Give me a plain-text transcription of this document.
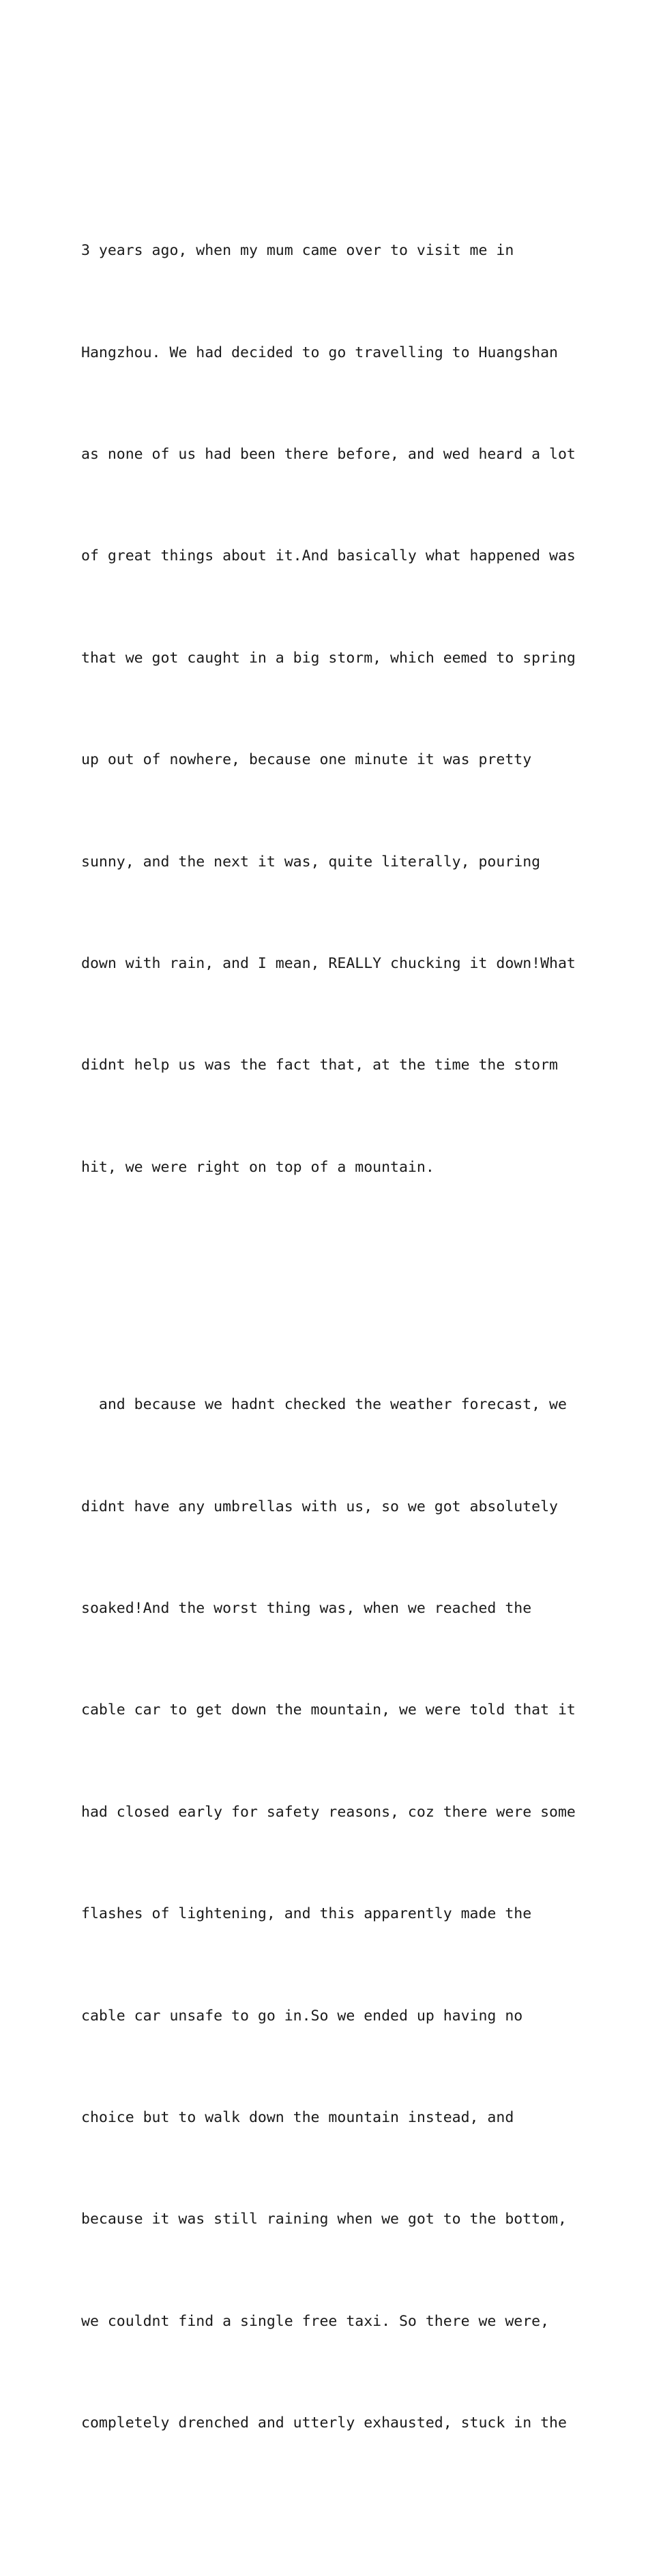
3 years ago, when my mum came over to visit me in

Hangzhou. We had decided to go travelling to Huangshan

as none of us had been there before, and wed heard a lot

of great things about it.And basically what happened was

that we got caught in a big storm, which eemed to spring

up out of nowhere, because one minute it was pretty

sunny, and the next it was, quite literally, pouring

down with rain, and I mean, REALLY chucking it down!What

didnt help us was the fact that, at the time the storm

hit, we were right on top of a mountain.

and because we hadnt checked the weather forecast, we

didnt have any umbrellas with us, so we got absolutely

soaked!And the worst thing was, when we reached the

cable car to get down the mountain, we were told that it

had closed early for safety reasons, coz there were some

flashes of lightening, and this apparently made the

cable car unsafe to go in.So we ended up having no

choice but to walk down the mountain instead, and

because it was still raining when we got to the bottom,

we couldnt find a single free taxi. So there we were,

completely drenched and utterly exhausted, stuck in the
